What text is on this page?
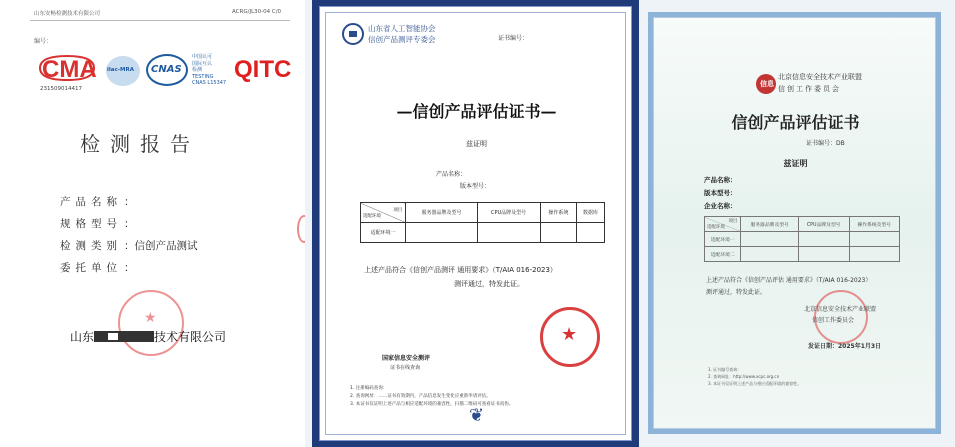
山东安畅检测技术有限公司	ACRG/JL30-04 C/0
编号：
CMA
231509014417
ilac-MRA CNAS
中国认可
国际互认
检测
TESTING
CNAS L15347 QITC
检测报告
产品名称 ：
规格型号 ：
检测类别 ：信创产品测试
委托单位 ：
★
山东	技术有限公司
山东省人工智能协会
信创产品测评专委会	证书编号：
—信创产品评估证书—
兹证明
产品名称：
版本型号：
项目
适配环境	服务器品牌及型号	CPU品牌及型号	操作系统	数据库
适配环境一				
上述产品符合《信创产品测评 通用要求》（T/AIA 016-2023）
测评通过，特发此证。
国家信息安全测评
证书在线查询
★
1. 注册编码查询：
2. 查询网址：……证书有效期内，产品信息发生变化应重新申请评估。
3. 本证书仅证明上述产品与相应适配环境的兼容性，扫描二维码可查看证书真伪。
❦
信息
北京信息安全技术产业联盟
信创工作委员会
信创产品评估证书
证书编号：DB
兹证明
产品名称：
版本型号：
企业名称：
项目
适配环境	服务器品牌及型号	CPU品牌及型号	操作系统及型号
适配环境一			
适配环境二			
上述产品符合《信创产品评估 通用要求》（T/AIA 016-2023）
测评通过，特发此证。
北京信息安全技术产业联盟
信创工作委员会
发证日期：2025年1月3日
1. 证书编号查询：
2. 查询网址：http://www.xcpc.org.cn
3. 本证书仅证明上述产品与相应适配环境的兼容性。
